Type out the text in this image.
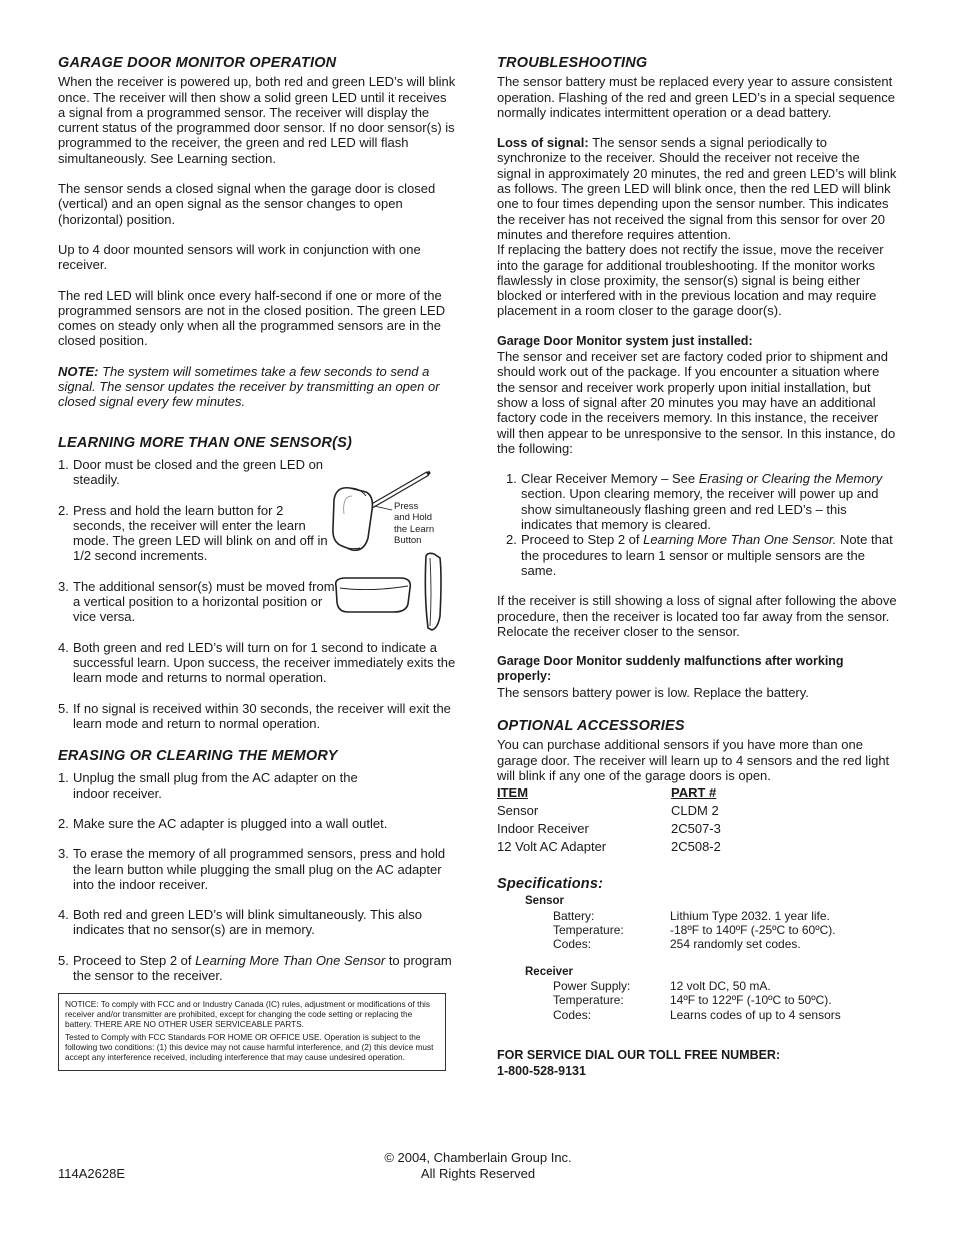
GARAGE DOOR MONITOR OPERATION

When the receiver is powered up, both red and green LED’s will blink once. The receiver will then show a solid green LED until it receives a signal from a programmed sensor. The receiver will display the current status of the programmed door sensor. If no door sensor(s) is programmed to the receiver, the green and red LED will flash simultaneously. See Learning section.

The sensor sends a closed signal when the garage door is closed (vertical) and an open signal as the sensor changes to open (horizontal) position.

Up to 4 door mounted sensors will work in conjunction with one receiver.

The red LED will blink once every half-second if one or more of the programmed sensors are not in the closed position. The green LED comes on steady only when all the programmed sensors are in the closed position.

NOTE: The system will sometimes take a few seconds to send a signal. The sensor updates the receiver by transmitting an open or closed signal every few minutes.

LEARNING MORE THAN ONE SENSOR(S)
1. Door must be closed and the green LED on steadily.
2. Press and hold the learn button for 2 seconds, the receiver will enter the learn mode. The green LED will blink on and off in 1/2 second increments.
3. The additional sensor(s) must be moved from a vertical position to a horizontal position or vice versa.
4. Both green and red LED’s will turn on for 1 second to indicate a successful learn. Upon success, the receiver immediately exits the learn mode and returns to normal operation.
5. If no signal is received within 30 seconds, the receiver will exit the learn mode and return to normal operation.
ERASING OR CLEARING THE MEMORY
1. Unplug the small plug from the AC adapter on the indoor receiver.
2. Make sure the AC adapter is plugged into a wall outlet.
3. To erase the memory of all programmed sensors, press and hold the learn button while plugging the small plug on the AC adapter into the indoor receiver.
4. Both red and green LED’s will blink simultaneously. This also indicates that no sensor(s) are in memory.
5. Proceed to Step 2 of Learning More Than One Sensor to program the sensor to the receiver.
NOTICE: To comply with FCC and or Industry Canada (IC) rules, adjustment or modifications of this receiver and/or transmitter are prohibited, except for changing the code setting or replacing the battery. THERE ARE NO OTHER USER SERVICEABLE PARTS.
Tested to Comply with FCC Standards FOR HOME OR OFFICE USE. Operation is subject to the following two conditions: (1) this device may not cause harmful interference, and (2) this device must accept any interference received, including interference that may cause undesired operation.
Press
and Hold
the Learn
Button
TROUBLESHOOTING

The sensor battery must be replaced every year to assure consistent operation. Flashing of the red and green LED’s in a special sequence normally indicates intermittent operation or a dead battery.

Loss of signal: The sensor sends a signal periodically to synchronize to the receiver. Should the receiver not receive the signal in approximately 20 minutes, the red and green LED’s will blink as follows. The green LED will blink once, then the red LED will blink one to four times depending upon the sensor number. This indicates the receiver has not received the signal from this sensor for over 20 minutes and therefore requires attention.

If replacing the battery does not rectify the issue, move the receiver into the garage for additional troubleshooting. If the monitor works flawlessly in close proximity, the sensor(s) signal is being either blocked or interfered with in the previous location and may require placement in a room closer to the garage door(s).

Garage Door Monitor system just installed:

The sensor and receiver set are factory coded prior to shipment and should work out of the package. If you encounter a situation where the sensor and receiver work properly upon initial installation, but show a loss of signal after 20 minutes you may have an additional factory code in the receivers memory. In this instance, the receiver will then appear to be unresponsive to the sensor. In this instance, do the following:

1. Clear Receiver Memory – See Erasing or Clearing the Memory section. Upon clearing memory, the receiver will power up and show simultaneously flashing green and red LED’s – this indicates that memory is cleared.
2. Proceed to Step 2 of Learning More Than One Sensor. Note that the procedures to learn 1 sensor or multiple sensors are the same.

If the receiver is still showing a loss of signal after following the above procedure, then the receiver is located too far away from the sensor. Relocate the receiver closer to the sensor.

Garage Door Monitor suddenly malfunctions after working properly:

The sensors battery power is low. Replace the battery.

OPTIONAL ACCESSORIES

You can purchase additional sensors if you have more than one garage door. The receiver will learn up to 4 sensors and the red light will blink if any one of the garage doors is open.

ITEM	PART #
Sensor	CLDM 2
Indoor Receiver	2C507-3
12 Volt AC Adapter	2C508-2
Specifications:
Sensor
Battery:	Lithium Type 2032. 1 year life.
Temperature:	-18ºF to 140ºF (-25ºC to 60ºC).
Codes:	254 randomly set codes.
Receiver
Power Supply:	12 volt DC, 50 mA.
Temperature:	14ºF to 122ºF (-10ºC to 50ºC).
Codes:	Learns codes of up to 4 sensors
FOR SERVICE DIAL OUR TOLL FREE NUMBER:
1-800-528-9131
114A2628E
© 2004, Chamberlain Group Inc.
All Rights Reserved
